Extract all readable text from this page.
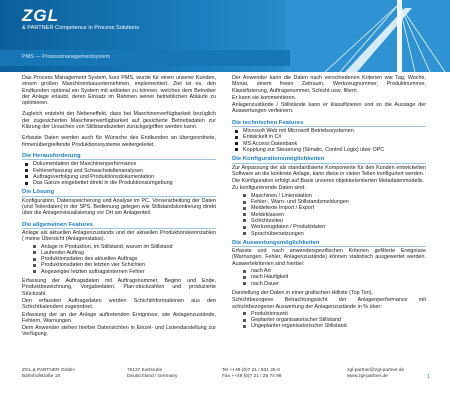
ZGL
& PARTNER Competence in Process Solutions
PMS — Prozessmanagementsystem

Das Process Management System, kurz PMS, wurde für einen unserer Kunden, einem großen Maschinenbauunternehmen, implementiert. Ziel ist es, den Endkunden optional ein System mit anbieten zu können, welches dem Betreiber der Anlage erlaubt, deren Einsatz im Rahmen seiner betrieblichen Abläufe zu optimieren.

Zugleich entsteht der Nebeneffekt, dass bei Maschinenverfügbarkeit bezüglich der zugesicherten Maschinenverfügbarkeit auf gesicherte Betriebsdaten zur Klärung der Ursachen von Stillstandszeiten zurückgegriffen werden kann.

Erfasste Daten werden auch für Wünsche des Endkunden an übergeordnete, firmenübergreifende Produktionssysteme weitergeleitet.

Die Herausforderung
Dokumentation der Maschinenperformance
Fehlererfassung und Schwachstellenanalysen
Auftragsverfolgung und Produktionsdokumentation
Das Ganze eingebettet direkt in die Produktionsumgebung
Die Lösung

Konfiguration, Datenspeicherung und Analyse im PC. Vorverarbeitung der Daten (und Teilerdaten) in der SPS. Bedienung gelegen wie Stillstandskontierung direkt über die Anlagenvisualisierung vor Ort am Anlagenteil.

Die allgemeinen Features

Anlage als aktuellen Anlagenzustands und der aktuellen Produktionskennzahlen ( meine Übersicht (Anlagenstatus).

Anlage in Produktion, im Stillstand, warum im Stillstand
Laufender Auftrag
Produktionsdaten des aktuellen Auftrags
Produktionsdaten der letzten vier Schichten
Angezeigter letzten auftragsinternen Fehler

Erfassung der Auftragsdaten mit Auftragsnummer, Beginn und Ende, Produktbezeichnung, Vorgabedaten, Plan-stückzahlen und produzierte Stückzahl.

Den erfassten Auftragsdaten werden Schichtinformationen aus den Schichtkalendern zugeordnet.

Erfassung der an der Anlage auftretenden Ereignisse, wie Anlagenzustände, Fehlern, Warnungen.

Dem Anwender stehen hierbei Datensichten in Einzel- und Listendarstellung zur Verfügung.

Der Anwender kann die Daten nach verschiedenen Kriterien wie Tag, Woche, Monat, einem freien Zeitraum, Werkzeugnummer, Produktnummer, Klassifizierung, Auftragsnummer, Schicht usw. filtern.

Er kann sie kommentieren.

Anlagenzustände / Stillstände kann er klassifizieren und so die Aussage der Auswertungen verfeinern.

Die technischen Features
Microsoft Web mit Microsoft Betriebssystemen
Entwickelt in C#
MS Access Datenbank
Kopplung zur Steuerung (Simatic, Control Logix) über OPC
Die Konfigurationsmöglichkeiten

Zur Anpassung der als standardisierte Komponente für den Kunden entwickelten Software an die konkrete Anlage, kann diese in vielen Teilen konfiguriert werden.

Die Konfiguration erfolgt auf Basis unseres objektorientierten Metadatenmodells.

Zu konfigurierende Daten sind:

Maschinen / Linienstation
Fehler-, Warn- und Stillstandsmeldungen
Meldetexte Import / Export
Meldeklassen
Schichtzeiten
Werkzeugdaten / Produktdaten
Sprachübersetzungen
Die Auswertungsmöglichkeiten

Erfasste und nach anwenderspezifischen Kriterien gefilterte Ereignisse (Warnungen, Fehler, Anlagenzustände) können statistisch ausgewertet werden. Auswertekriterien sind hierbei:

nach Art
nach Häufigkeit
nach Dauer

Darstellung der Daten in einer grafischen Hitliste (Top Ten).

Schichtbezogene Betrachtungssicht der Anlagenperformance mit schichtbezogener Auswertung der Anlagenzustände in % über:

Produktionszeit
Geplanter organisatorischer Stillstand
Ungeplanter organisatorischer Stillstand
ZGL & PARTNER GmbH
Bahnhofstraße 16
76137 Karlsruhe
Deutschland / Germany
Tel ++49 (0)7 21 / 831 26-0
Fax ++49 (0)7 21 / 25 74 98
zgl-partner@zgl-partner.de
www.zgl-partner.de	1
